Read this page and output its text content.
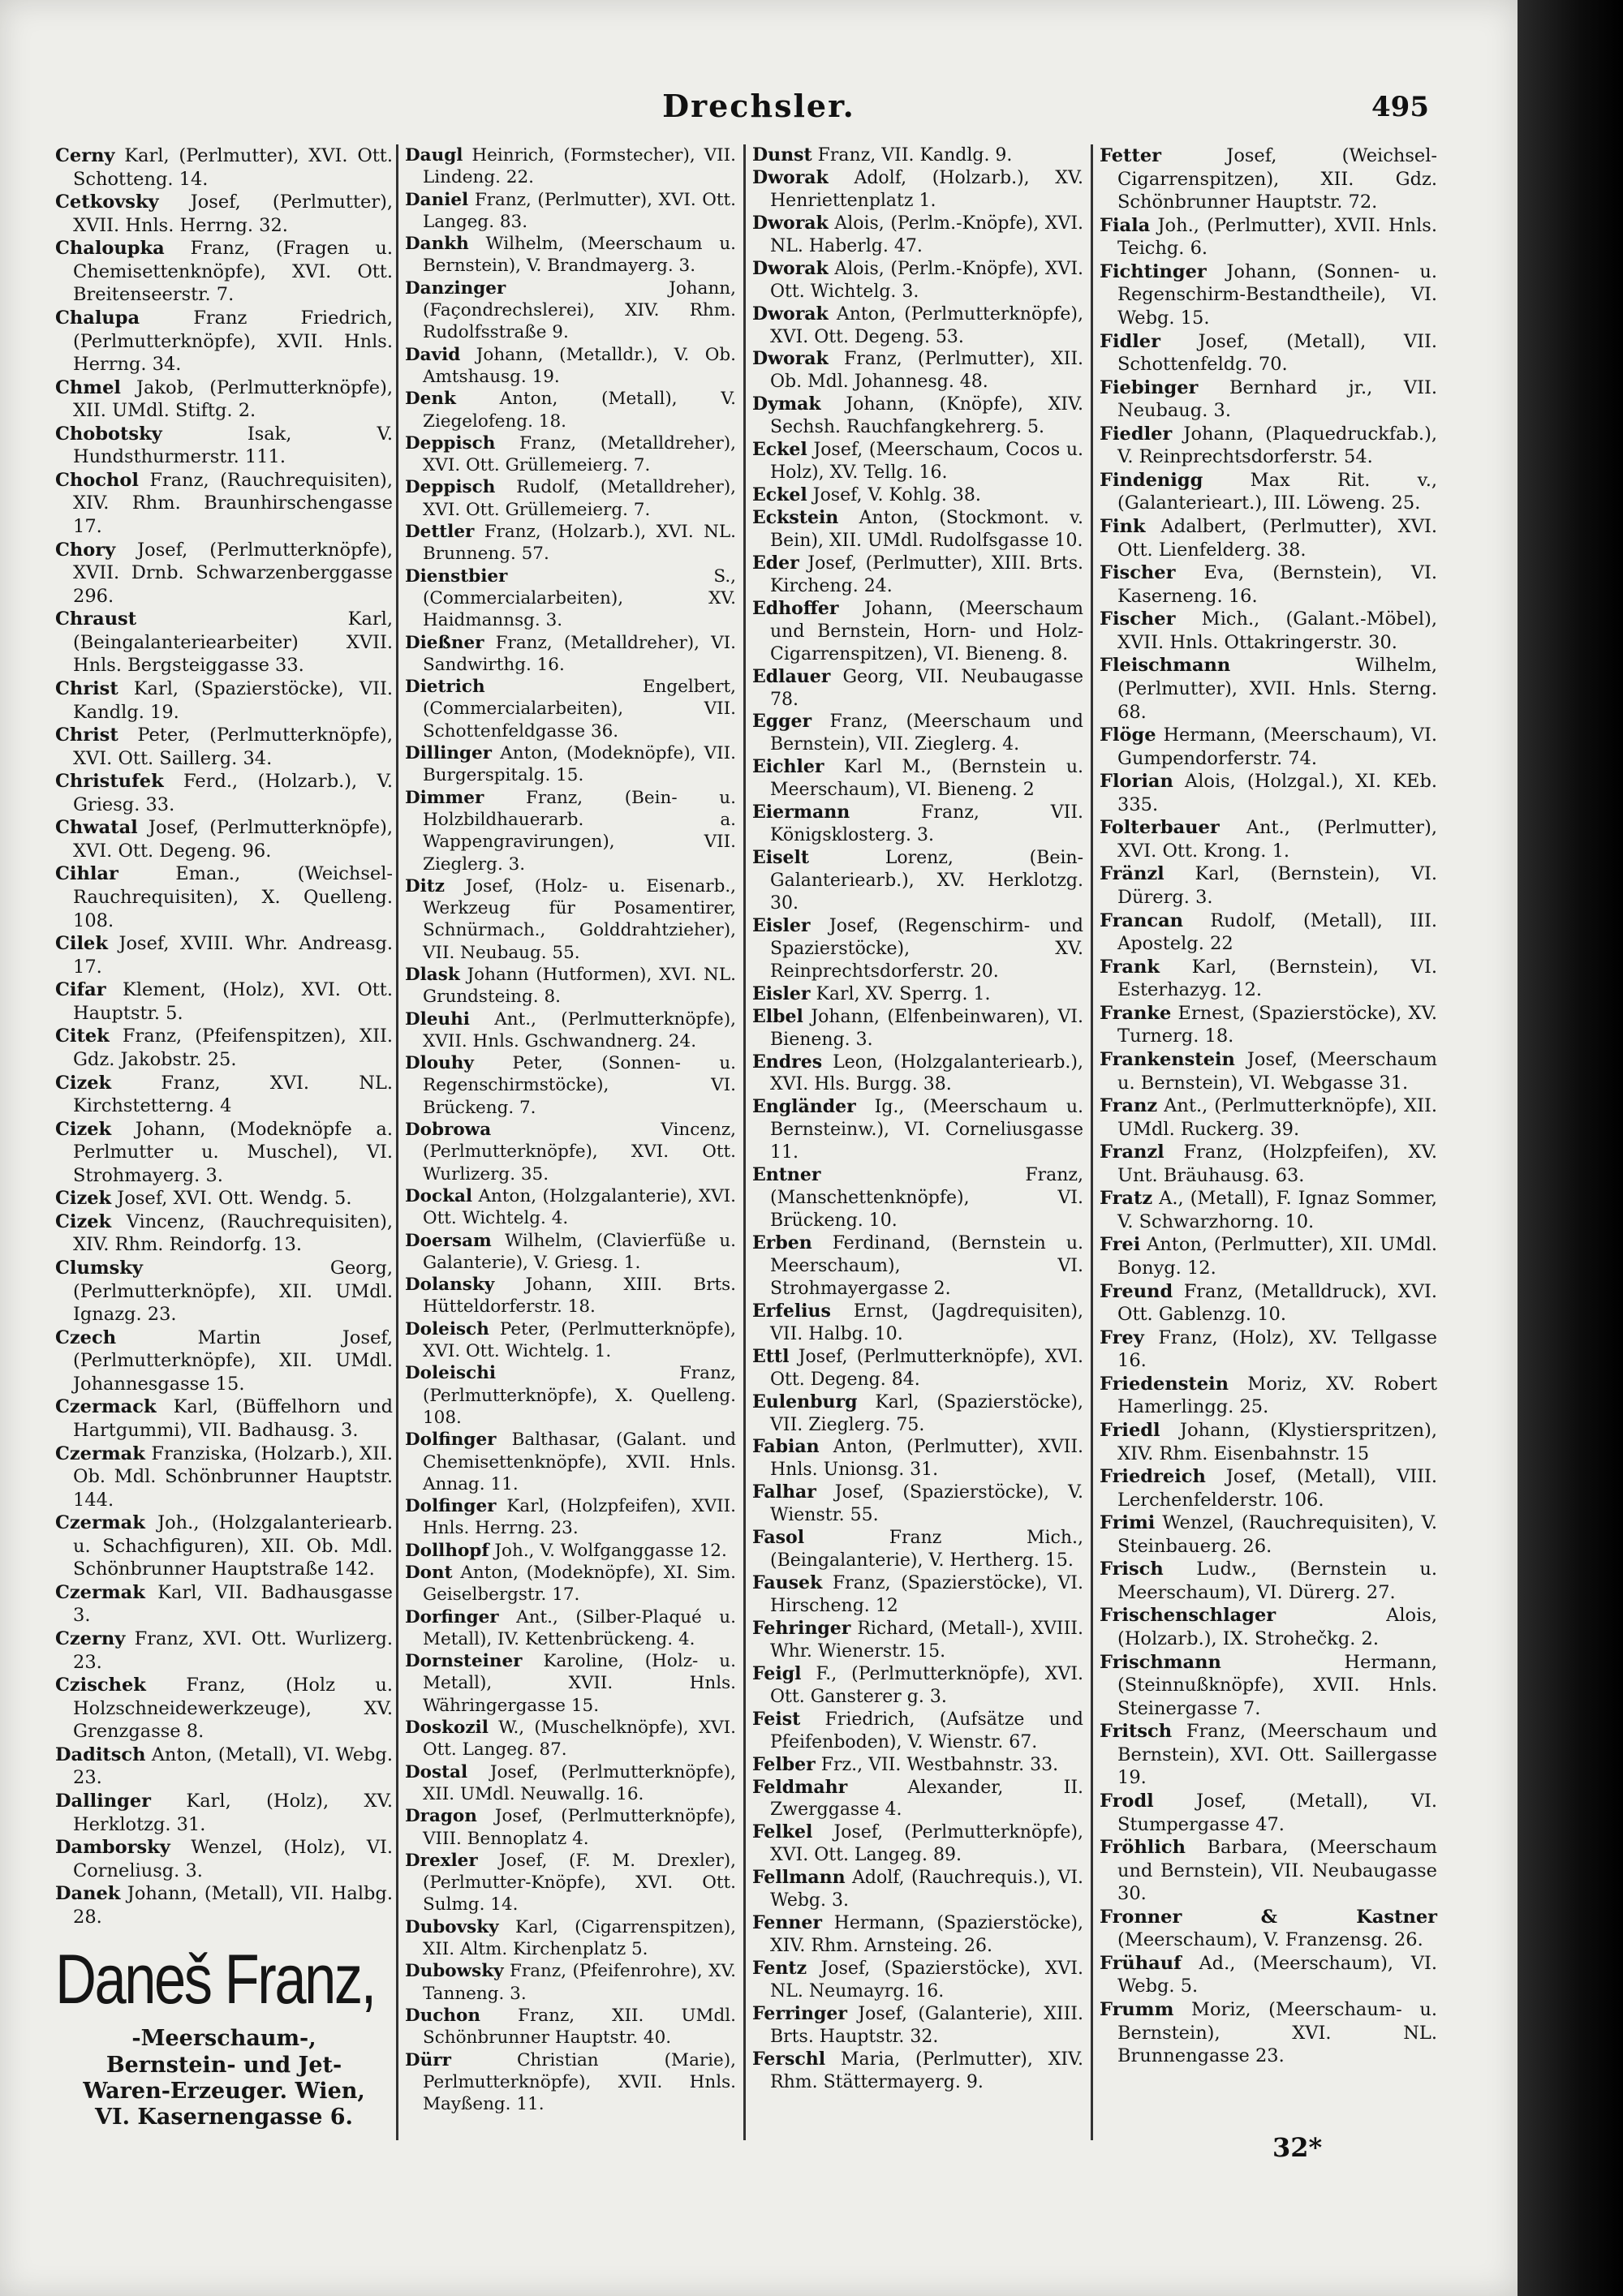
Drechsler.	495

Cerny Karl, (Perlmutter), XVI. Ott. Schotteng. 14.

Cetkovsky Josef, (Perlmutter), XVII. Hnls. Herrng. 32.

Chaloupka Franz, (Fragen u. Chemisettenknöpfe), XVI. Ott. Breitenseerstr. 7.

Chalupa	Franz Friedrich, (Perlmutterknöpfe), XVII. Hnls. Herrng. 34.

Chmel Jakob, (Perlmutterknöpfe), XII. UMdl. Stiftg. 2.

Chobotsky	Isak, V. Hundsthurmerstr. 111.

Chochol Franz, (Rauchrequisiten), XIV. Rhm. Braunhirschengasse 17.

Chory Josef, (Perlmutterknöpfe), XVII. Drnb. Schwarzenberggasse 296.

Chraust	Karl, (Beingalanteriearbeiter) XVII. Hnls. Bergsteiggasse 33.

Christ Karl, (Spazierstöcke), VII. Kandlg. 19.

Christ Peter, (Perlmutterknöpfe), XVI. Ott. Saillerg. 34.

Christufek Ferd., (Holzarb.), V. Griesg. 33.

Chwatal Josef, (Perlmutterknöpfe), XVI. Ott. Degeng. 96.

Cihlar	Eman., (Weichsel-Rauchrequisiten), X. Quelleng. 108.

Cilek Josef, XVIII. Whr. Andreasg. 17.

Cifar Klement, (Holz), XVI. Ott. Hauptstr. 5.

Citek Franz, (Pfeifenspitzen), XII. Gdz. Jakobstr. 25.

Cizek	Franz, XVI. NL. Kirchstetterng. 4

Cizek Johann, (Modeknöpfe a. Perlmutter u. Muschel), VI. Strohmayerg. 3.

Cizek Josef, XVI. Ott. Wendg. 5.

Cizek Vincenz, (Rauchrequisiten), XIV. Rhm. Reindorfg. 13.

Clumsky	Georg, (Perlmutterknöpfe), XII. UMdl. Ignazg. 23.

Czech	Martin Josef, (Perlmutterknöpfe), XII. UMdl. Johannesgasse 15.

Czermack Karl, (Büffelhorn und Hartgummi), VII. Badhausg. 3.

Czermak Franziska, (Holzarb.), XII. Ob. Mdl. Schönbrunner Hauptstr. 144.

Czermak Joh., (Holzgalanteriearb. u. Schachfiguren), XII. Ob. Mdl. Schönbrunner Hauptstraße 142.

Czermak Karl, VII. Badhausgasse 3.

Czerny Franz, XVI. Ott. Wurlizerg. 23.

Czischek Franz, (Holz u. Holzschneidewerkzeuge), XV. Grenzgasse 8.

Daditsch Anton, (Metall), VI. Webg. 23.

Dallinger Karl, (Holz), XV. Herklotzg. 31.

Damborsky Wenzel, (Holz), VI. Corneliusg. 3.

Danek Johann, (Metall), VII. Halbg. 28.

Daneš Franz,
-Meerschaum-, Bernstein- und Jet-Waren-Erzeuger. Wien, VI. Kasernengasse 6.

Daugl Heinrich, (Formstecher), VII. Lindeng. 22.

Daniel Franz, (Perlmutter), XVI. Ott. Langeg. 83.

Dankh Wilhelm, (Meerschaum u. Bernstein), V. Brandmayerg. 3.

Danzinger	Johann, (Façondrechslerei), XIV. Rhm. Rudolfsstraße 9.

David Johann, (Metalldr.), V. Ob. Amtshausg. 19.

Denk	Anton, (Metall), V. Ziegelofeng. 18.

Deppisch Franz, (Metalldreher), XVI. Ott. Grüllemeierg. 7.

Deppisch Rudolf, (Metalldreher), XVI. Ott. Grüllemeierg. 7.

Dettler Franz, (Holzarb.), XVI. NL. Brunneng. 57.

Dienstbier	S., (Commercialarbeiten), XV. Haidmannsg. 3.

Dießner Franz, (Metalldreher), VI. Sandwirthg. 16.

Dietrich	Engelbert, (Commercialarbeiten), VII. Schottenfeldgasse 36.

Dillinger Anton, (Modeknöpfe), VII. Burgerspitalg. 15.

Dimmer Franz, (Bein- u. Holzbildhauerarb. a. Wappengravirungen), VII. Zieglerg. 3.

Ditz Josef, (Holz- u. Eisenarb., Werkzeug für Posamentirer, Schnürmach., Golddrahtzieher), VII. Neubaug. 55.

Dlask Johann (Hutformen), XVI. NL. Grundsteing. 8.

Dleuhi Ant., (Perlmutterknöpfe), XVII. Hnls. Gschwandnerg. 24.

Dlouhy Peter, (Sonnen- u. Regenschirmstöcke), VI. Brückeng. 7.

Dobrowa	Vincenz, (Perlmutterknöpfe), XVI. Ott. Wurlizerg. 35.

Dockal Anton, (Holzgalanterie), XVI. Ott. Wichtelg. 4.

Doersam Wilhelm, (Clavierfüße u. Galanterie), V. Griesg. 1.

Dolansky Johann, XIII. Brts. Hütteldorferstr. 18.

Doleisch Peter, (Perlmutterknöpfe), XVI. Ott. Wichtelg. 1.

Doleischi	Franz, (Perlmutterknöpfe), X. Quelleng. 108.

Dolfinger Balthasar, (Galant. und Chemisettenknöpfe), XVII. Hnls. Annag. 11.

Dolfinger Karl, (Holzpfeifen), XVII. Hnls. Herrng. 23.

Dollhopf Joh., V. Wolfganggasse 12.

Dont Anton, (Modeknöpfe), XI. Sim. Geiselbergstr. 17.

Dorfinger Ant., (Silber-Plaqué u. Metall), IV. Kettenbrückeng. 4.

Dornsteiner Karoline, (Holz- u. Metall), XVII. Hnls. Währingergasse 15.

Doskozil W., (Muschelknöpfe), XVI. Ott. Langeg. 87.

Dostal Josef, (Perlmutterknöpfe), XII. UMdl. Neuwallg. 16.

Dragon Josef, (Perlmutterknöpfe), VIII. Bennoplatz 4.

Drexler Josef, (F. M. Drexler), (Perlmutter-Knöpfe), XVI. Ott. Sulmg. 14.

Dubovsky Karl, (Cigarrenspitzen), XII. Altm. Kirchenplatz 5.

Dubowsky Franz, (Pfeifenrohre), XV. Tanneng. 3.

Duchon Franz, XII. UMdl. Schönbrunner Hauptstr. 40.

Dürr	Christian (Marie), Perlmutterknöpfe), XVII. Hnls. Mayßeng. 11.

Dunst Franz, VII. Kandlg. 9.

Dworak Adolf, (Holzarb.), XV. Henriettenplatz 1.

Dworak Alois, (Perlm.-Knöpfe), XVI. NL. Haberlg. 47.

Dworak Alois, (Perlm.-Knöpfe), XVI. Ott. Wichtelg. 3.

Dworak Anton, (Perlmutterknöpfe), XVI. Ott. Degeng. 53.

Dworak Franz, (Perlmutter), XII. Ob. Mdl. Johannesg. 48.

Dymak Johann, (Knöpfe), XIV. Sechsh. Rauchfangkehrerg. 5.

Eckel Josef, (Meerschaum, Cocos u. Holz), XV. Tellg. 16.

Eckel Josef, V. Kohlg. 38.

Eckstein Anton, (Stockmont. v. Bein), XII. UMdl. Rudolfsgasse 10.

Eder Josef, (Perlmutter), XIII. Brts. Kircheng. 24.

Edhoffer Johann, (Meerschaum und Bernstein, Horn- und Holz-Cigarrenspitzen), VI. Bieneng. 8.

Edlauer Georg, VII. Neubaugasse 78.

Egger Franz, (Meerschaum und Bernstein), VII. Zieglerg. 4.

Eichler Karl M., (Bernstein u. Meerschaum), VI. Bieneng. 2

Eiermann	Franz, VII. Königsklosterg. 3.

Eiselt	Lorenz, (Bein-Galanteriearb.), XV. Herklotzg. 30.

Eisler Josef, (Regenschirm- und Spazierstöcke), XV. Reinprechtsdorferstr. 20.

Eisler Karl, XV. Sperrg. 1.

Elbel Johann, (Elfenbeinwaren), VI. Bieneng. 3.

Endres Leon, (Holzgalanteriearb.), XVI. Hls. Burgg. 38.

Engländer Ig., (Meerschaum u. Bernsteinw.), VI. Corneliusgasse 11.

Entner	Franz, (Manschettenknöpfe), VI. Brückeng. 10.

Erben Ferdinand, (Bernstein u. Meerschaum), VI. Strohmayergasse 2.

Erfelius Ernst, (Jagdrequisiten), VII. Halbg. 10.

Ettl Josef, (Perlmutterknöpfe), XVI. Ott. Degeng. 84.

Eulenburg Karl, (Spazierstöcke), VII. Zieglerg. 75.

Fabian Anton, (Perlmutter), XVII. Hnls. Unionsg. 31.

Falhar Josef, (Spazierstöcke), V. Wienstr. 55.

Fasol	Franz Mich., (Beingalanterie), V. Hertherg. 15.

Fausek Franz, (Spazierstöcke), VI. Hirscheng. 12

Fehringer Richard, (Metall-), XVIII. Whr. Wienerstr. 15.

Feigl F., (Perlmutterknöpfe), XVI. Ott. Gansterer g. 3.

Feist Friedrich, (Aufsätze und Pfeifenboden), V. Wienstr. 67.

Felber Frz., VII. Westbahnstr. 33.

Feldmahr	Alexander, II. Zwerggasse 4.

Felkel Josef, (Perlmutterknöpfe), XVI. Ott. Langeg. 89.

Fellmann Adolf, (Rauchrequis.), VI. Webg. 3.

Fenner Hermann, (Spazierstöcke), XIV. Rhm. Arnsteing. 26.

Fentz Josef, (Spazierstöcke), XVI. NL. Neumayrg. 16.

Ferringer Josef, (Galanterie), XIII. Brts. Hauptstr. 32.

Ferschl Maria, (Perlmutter), XIV. Rhm. Stättermayerg. 9.

Fetter	Josef, (Weichsel-Cigarrenspitzen), XII. Gdz. Schönbrunner Hauptstr. 72.

Fiala Joh., (Perlmutter), XVII. Hnls. Teichg. 6.

Fichtinger Johann, (Sonnen- u. Regenschirm-Bestandtheile), VI. Webg. 15.

Fidler Josef, (Metall), VII. Schottenfeldg. 70.

Fiebinger Bernhard jr., VII. Neubaug. 3.

Fiedler Johann, (Plaquedruckfab.), V. Reinprechtsdorferstr. 54.

Findenigg	Max Rit. v., (Galanterieart.), III. Löweng. 25.

Fink Adalbert, (Perlmutter), XVI. Ott. Lienfelderg. 38.

Fischer Eva, (Bernstein), VI. Kaserneng. 16.

Fischer Mich., (Galant.-Möbel), XVII. Hnls. Ottakringerstr. 30.

Fleischmann	Wilhelm, (Perlmutter), XVII. Hnls. Sterng. 68.

Flöge Hermann, (Meerschaum), VI. Gumpendorferstr. 74.

Florian Alois, (Holzgal.), XI. KEb. 335.

Folterbauer Ant., (Perlmutter), XVI. Ott. Krong. 1.

Fränzl Karl, (Bernstein), VI. Dürerg. 3.

Francan Rudolf, (Metall), III. Apostelg. 22

Frank Karl, (Bernstein), VI. Esterhazyg. 12.

Franke Ernest, (Spazierstöcke), XV. Turnerg. 18.

Frankenstein Josef, (Meerschaum u. Bernstein), VI. Webgasse 31.

Franz Ant., (Perlmutterknöpfe), XII. UMdl. Ruckerg. 39.

Franzl Franz, (Holzpfeifen), XV. Unt. Bräuhausg. 63.

Fratz A., (Metall), F. Ignaz Sommer, V. Schwarzhorng. 10.

Frei Anton, (Perlmutter), XII. UMdl. Bonyg. 12.

Freund Franz, (Metalldruck), XVI. Ott. Gablenzg. 10.

Frey Franz, (Holz), XV. Tellgasse 16.

Friedenstein Moriz, XV. Robert Hamerlingg. 25.

Friedl Johann, (Klystierspritzen), XIV. Rhm. Eisenbahnstr. 15

Friedreich Josef, (Metall), VIII. Lerchenfelderstr. 106.

Frimi Wenzel, (Rauchrequisiten), V. Steinbauerg. 26.

Frisch Ludw., (Bernstein u. Meerschaum), VI. Dürerg. 27.

Frischenschlager	Alois, (Holzarb.), IX. Strohečkg. 2.

Frischmann	Hermann, (Steinnußknöpfe), XVII. Hnls. Steinergasse 7.

Fritsch Franz, (Meerschaum und Bernstein), XVI. Ott. Saillergasse 19.

Frodl Josef, (Metall), VI. Stumpergasse 47.

Fröhlich Barbara, (Meerschaum und Bernstein), VII. Neubaugasse 30.

Fronner & Kastner (Meerschaum), V. Franzensg. 26.

Frühauf Ad., (Meerschaum), VI. Webg. 5.

Frumm Moriz, (Meerschaum- u. Bernstein), XVI. NL. Brunnengasse 23.

32*
